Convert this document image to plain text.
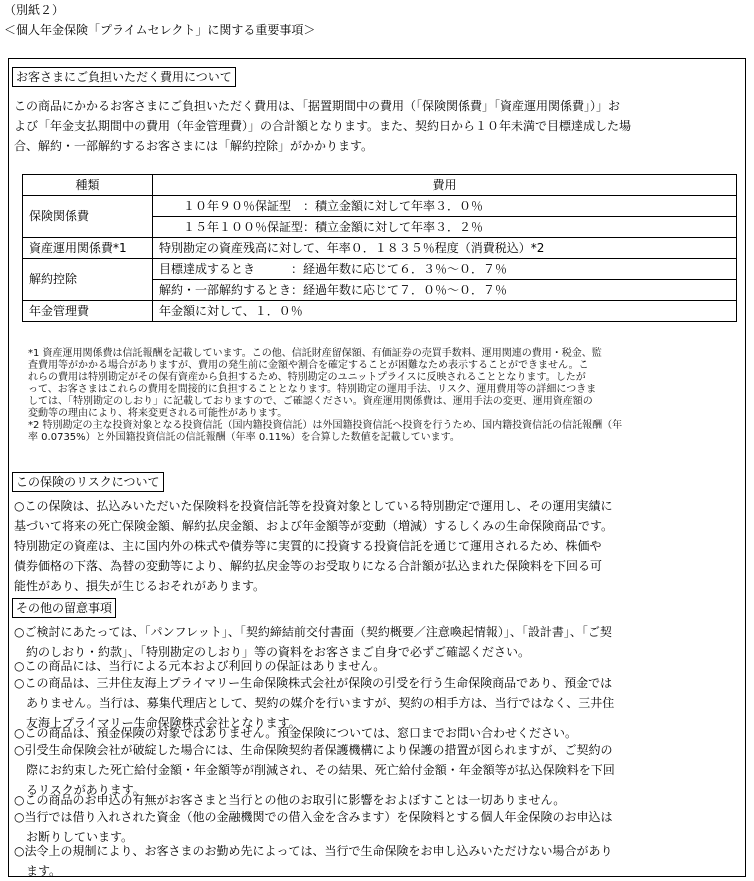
（別紙２）
＜個人年金保険「プライムセレクト」に関する重要事項＞
お客さまにご負担いただく費用について
この商品にかかるお客さまにご負担いただく費用は、「据置期間中の費用（「保険関係費」「資産運用関係費」）」お
よび「年金支払期間中の費用（年金管理費）」の合計額となります。また、契約日から１０年未満で目標達成した場
合、解約・一部解約するお客さまには「解約控除」がかかります。
種類	費用
保険関係費	１０年９０％保証型　：積立金額に対して年率３．０％
	１５年１００％保証型：積立金額に対して年率３．２％
資産運用関係費*1	特別勘定の資産残高に対して、年率０．１８３５％程度（消費税込）*2
解約控除	目標達成するとき　　　：経過年数に応じて６．３％～０．７％
	解約・一部解約するとき：経過年数に応じて７．０％～０．７％
年金管理費	年金額に対して、１．０％
*1 資産運用関係費は信託報酬を記載しています。この他、信託財産留保額、有価証券の売買手数料、運用関連の費用・税金、監
査費用等がかかる場合がありますが、費用の発生前に金額や割合を確定することが困難なため表示することができません。こ
れらの費用は特別勘定がその保有資産から負担するため、特別勘定のユニットプライスに反映されることとなります。したが
って、お客さまはこれらの費用を間接的に負担することとなります。特別勘定の運用手法、リスク、運用費用等の詳細につきま
しては、「特別勘定のしおり」に記載しておりますので、ご確認ください。資産運用関係費は、運用手法の変更、運用資産額の
変動等の理由により、将来変更される可能性があります。
*2 特別勘定の主な投資対象となる投資信託（国内籍投資信託）は外国籍投資信託へ投資を行うため、国内籍投資信託の信託報酬（年
率 0.0735%）と外国籍投資信託の信託報酬（年率 0.11%）を合算した数値を記載しています。
この保険のリスクについて
○この保険は、払込みいただいた保険料を投資信託等を投資対象としている特別勘定で運用し、その運用実績に
基づいて将来の死亡保険金額、解約払戻金額、および年金額等が変動（増減）するしくみの生命保険商品です。
特別勘定の資産は、主に国内外の株式や債券等に実質的に投資する投資信託を通じて運用されるため、株価や
債券価格の下落、為替の変動等により、解約払戻金等のお受取りになる合計額が払込まれた保険料を下回る可
能性があり、損失が生じるおそれがあります。
その他の留意事項
○ご検討にあたっては、「パンフレット」、「契約締結前交付書面（契約概要／注意喚起情報）」、「設計書」、「ご契
　約のしおり・約款」、「特別勘定のしおり」等の資料をお客さまご自身で必ずご確認ください。
○この商品には、当行による元本および利回りの保証はありません。
○この商品は、三井住友海上プライマリー生命保険株式会社が保険の引受を行う生命保険商品であり、預金では
　ありません。当行は、募集代理店として、契約の媒介を行いますが、契約の相手方は、当行ではなく、三井住
　友海上プライマリー生命保険株式会社となります。
○この商品は、預金保険の対象ではありません。預金保険については、窓口までお問い合わせください。
○引受生命保険会社が破綻した場合には、生命保険契約者保護機構により保護の措置が図られますが、ご契約の
　際にお約束した死亡給付金額・年金額等が削減され、その結果、死亡給付金額・年金額等が払込保険料を下回
　るリスクがあります。
○この商品のお申込の有無がお客さまと当行との他のお取引に影響をおよぼすことは一切ありません。
○当行では借り入れされた資金（他の金融機関での借入金を含みます）を保険料とする個人年金保険のお申込は
　お断りしています。
○法令上の規制により、お客さまのお勤め先によっては、当行で生命保険をお申し込みいただけない場合があり
　ます。
